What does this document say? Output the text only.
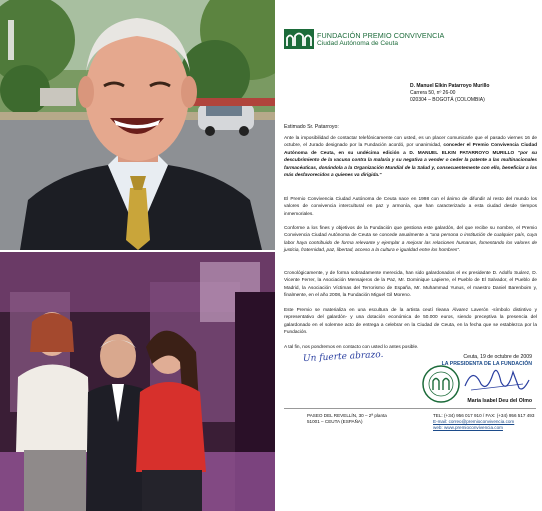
FUNDACIÓN PREMIO CONVIVENCIA
Ciudad Autónoma de Ceuta
D. Manuel Elkin Patarroyo Murillo
Carrera 50, nº 26-00
020304 – BOGOTÁ (COLOMBIA)
Estimado Sr. Patarroyo:
Ante la imposibilidad de contactar telefónicamente con usted, es un placer comunicarle que el pasado viernes 16 de octubre, el Jurado designado por la Fundación acordó, por unanimidad, conceder el Premio Convivencia Ciudad Autónoma de Ceuta, en su undécima edición a D. MANUEL ELKIN PATARROYO MURILLO "por su descubrimiento de la vacuna contra la malaria y su negativa a vender o ceder la patente a las multinacionales farmacéuticas, donándola a la Organización Mundial de la Salud y, consecuentemente con ello, beneficiar a los más desfavorecidos a quienes va dirigida."
El Premio Convivencia Ciudad Autónoma de Ceuta nace en 1998 con el ánimo de difundir al resto del mundo los valores de convivencia intercultural en paz y armonía, que han caracterizado a esta ciudad desde tiempos inmemoriales.
Conforme a los fines y objetivos de la Fundación que gestiona este galardón, del que recibe su nombre, el Premio Convivencia Ciudad Autónoma de Ceuta se concede anualmente a "una persona o institución de cualquier país, cuya labor haya contribuido de forma relevante y ejemplar a mejorar las relaciones humanas, fomentando los valores de justicia, fraternidad, paz, libertad, acceso a la cultura e igualdad entre los hombres".
Cronológicamente, y de forma sobradamente merecida, han sido galardonados el ex presidente D. Adolfo Suárez, D. Vicente Ferrer, la Asociación Mensajeros de la Paz, Mr. Dominique Lapierre, el Pueblo de El Salvador, el Pueblo de Madrid, la Asociación Víctimas del Terrorismo de España, Mr. Muhammad Yunus, el maestro Daniel Barenboim y, finalmente, en el año 2008, la Fundación Miguel Gil Moreno.
Este Premio se materializa en una escultura de la artista ceutí Ileana Álvarez Laverón -símbolo distintivo y representativo del galardón- y una dotación económica de 50.000 euros, siendo preceptiva la presencia del galardonado en el solemne acto de entrega a celebrar en la Ciudad de Ceuta, en la fecha que se establezca por la Fundación.
A tal fin, nos pondremos en contacto con usted lo antes posible.
Un fuerte abrazo.	Ceuta, 19 de octubre de 2009
LA PRESIDENTA DE LA FUNDACIÓN
María Isabel Deu del Olmo
PASEO DEL REVELLÍN, 30 – 2ª planta
51001 – CEUTA (ESPAÑA)
TEL: (+34) 956 017 910 / FAX: (+34) 956 517 493
E-mail: correo@premioconvivencia.com
web: www.premioconvivencia.com
